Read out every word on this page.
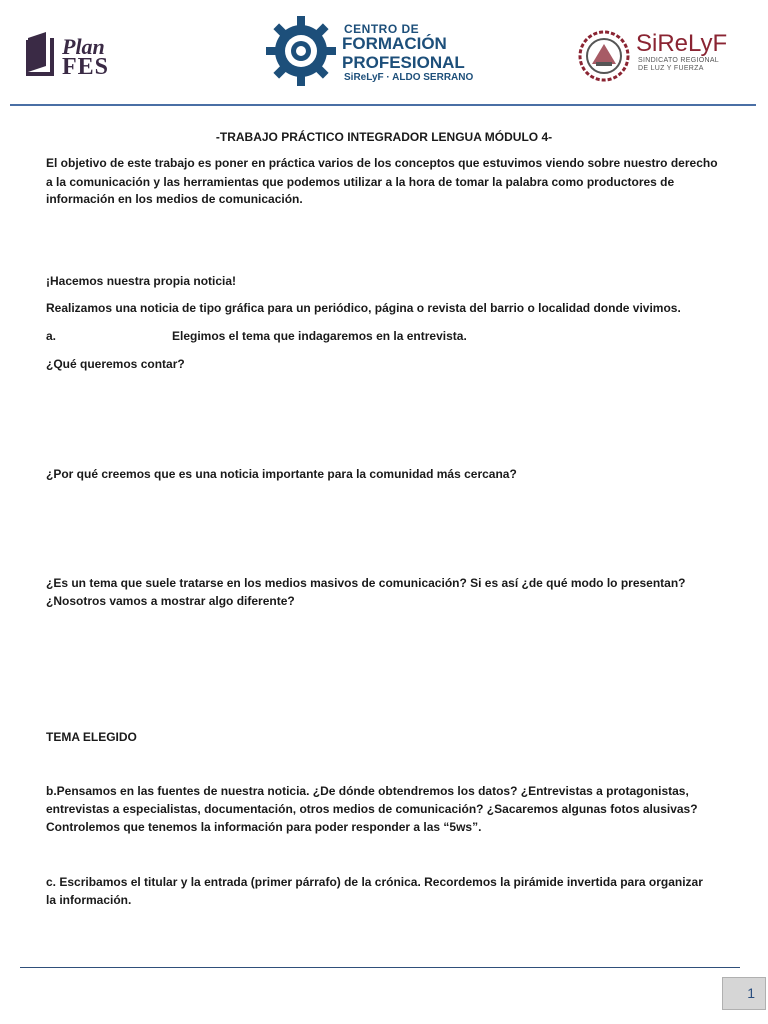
Plan
FES
CENTRO DE
FORMACIÓN
PROFESIONAL
SiReLyF · ALDO SERRANO
SiReLyF
SINDICATO REGIONAL
DE LUZ Y FUERZA
-TRABAJO PRÁCTICO INTEGRADOR LENGUA MÓDULO 4-
El objetivo de este trabajo es poner en práctica varios de los conceptos que estuvimos viendo sobre nuestro derecho
a la comunicación y las herramientas que podemos utilizar a la hora de tomar la palabra como productores de
información en los medios de comunicación.
¡Hacemos nuestra propia noticia!
Realizamos una noticia de tipo gráfica para un periódico, página o revista del barrio o localidad donde vivimos.
a.	Elegimos el tema que indagaremos en la entrevista.
¿Qué queremos contar?
¿Por qué creemos que es una noticia importante para la comunidad más cercana?
¿Es un tema que suele tratarse en los medios masivos de comunicación? Si es así ¿de qué modo lo presentan?
¿Nosotros vamos a mostrar algo diferente?
TEMA ELEGIDO
b.Pensamos en las fuentes de nuestra noticia. ¿De dónde obtendremos los datos? ¿Entrevistas a protagonistas,
entrevistas a especialistas, documentación, otros medios de comunicación? ¿Sacaremos algunas fotos alusivas?
Controlemos que tenemos la información para poder responder a las “5ws”.
c. Escribamos el titular y la entrada (primer párrafo) de la crónica. Recordemos la pirámide invertida para organizar
la información.
1
